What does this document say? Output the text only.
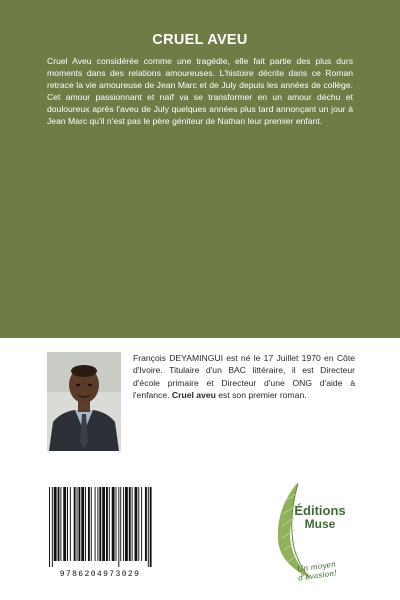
CRUEL AVEU
Cruel Aveu considérée comme une tragédie, elle fait partie des plus durs moments dans des relations amoureuses. L'histoire décrite dans ce Roman retrace la vie amoureuse de Jean Marc et de July depuis les années de collège. Cet amour passionnant et naïf va se transformer en un amour déchu et douloureux après l'aveu de July quelques années plus tard annonçant un jour à Jean Marc qu'il n'est pas le père géniteur de Nathan leur premier enfant.
François DEYAMINGUI est né le 17 Juillet 1970 en Côte d'Ivoire. Titulaire d'un BAC littéraire, il est Directeur d'école primaire et Directeur d'une ONG d'aide à l'enfance. Cruel aveu est son premier roman.
9786204973029
Éditions
Muse
Un moyen d'évasion!
